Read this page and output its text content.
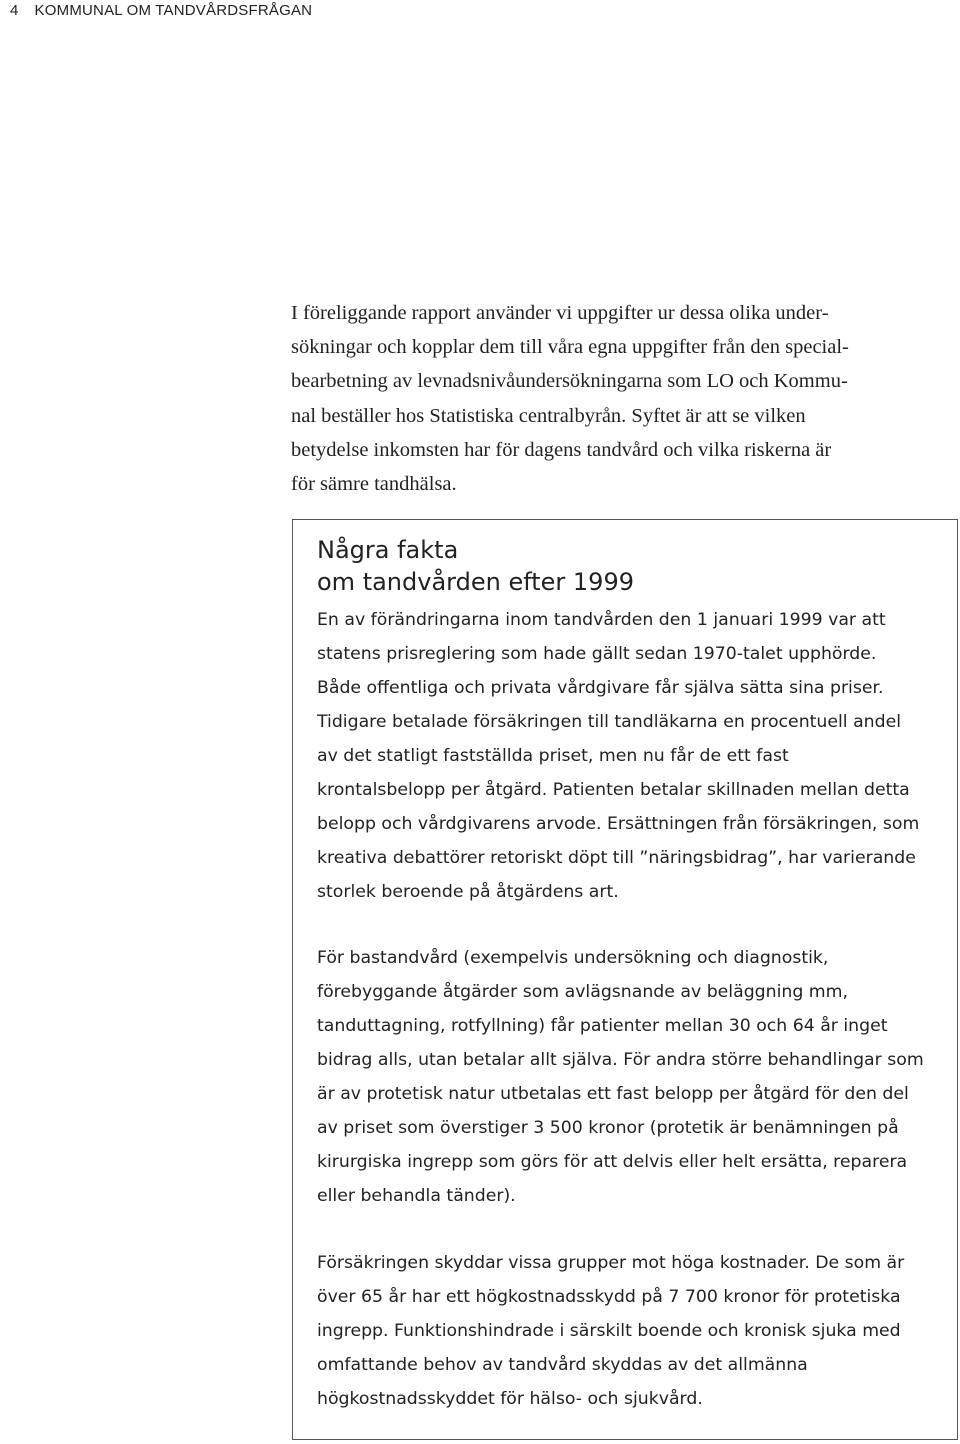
4 KOMMUNAL OM TANDVÅRDSFRÅGAN

I föreliggande rapport använder vi uppgifter ur dessa olika under-
sökningar och kopplar dem till våra egna uppgifter från den special-
bearbetning av levnadsnivåundersökningarna som LO och Kommu-
nal beställer hos Statistiska centralbyrån. Syftet är att se vilken
betydelse inkomsten har för dagens tandvård och vilka riskerna är
för sämre tandhälsa.

Några fakta
om tandvården efter 1999

En av förändringarna inom tandvården den 1 januari 1999 var att
statens prisreglering som hade gällt sedan 1970-talet upphörde.
Både offentliga och privata vårdgivare får själva sätta sina priser.
Tidigare betalade försäkringen till tandläkarna en procentuell andel
av det statligt fastställda priset, men nu får de ett fast
krontalsbelopp per åtgärd. Patienten betalar skillnaden mellan detta
belopp och vårdgivarens arvode. Ersättningen från försäkringen, som
kreativa debattörer retoriskt döpt till ”näringsbidrag”, har varierande
storlek beroende på åtgärdens art.

För bastandvård (exempelvis undersökning och diagnostik,
förebyggande åtgärder som avlägsnande av beläggning mm,
tanduttagning, rotfyllning) får patienter mellan 30 och 64 år inget
bidrag alls, utan betalar allt själva. För andra större behandlingar som
är av protetisk natur utbetalas ett fast belopp per åtgärd för den del
av priset som överstiger 3 500 kronor (protetik är benämningen på
kirurgiska ingrepp som görs för att delvis eller helt ersätta, reparera
eller behandla tänder).

Försäkringen skyddar vissa grupper mot höga kostnader. De som är
över 65 år har ett högkostnadsskydd på 7 700 kronor för protetiska
ingrepp. Funktionshindrade i särskilt boende och kronisk sjuka med
omfattande behov av tandvård skyddas av det allmänna
högkostnadsskyddet för hälso- och sjukvård.
